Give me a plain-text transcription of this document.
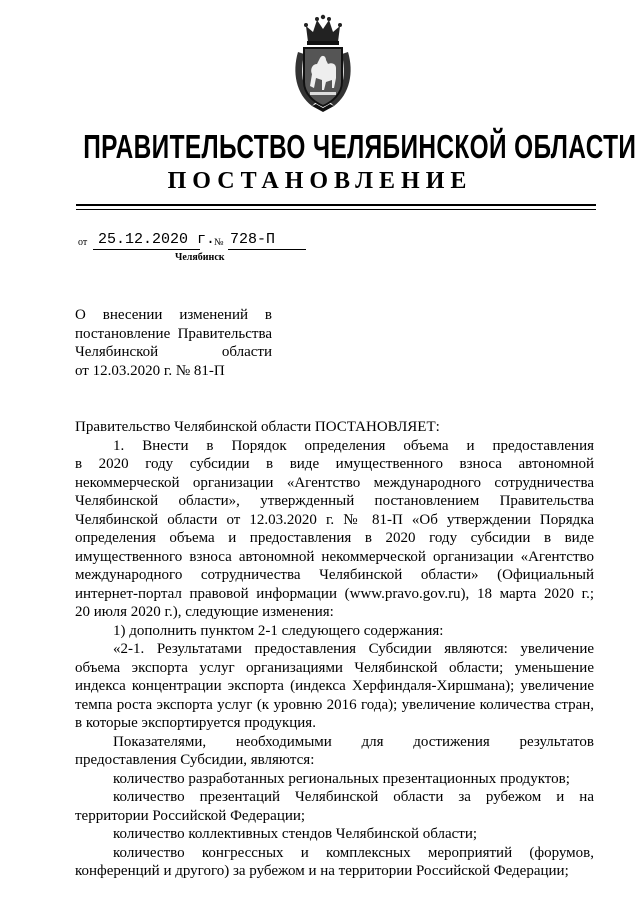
ПРАВИТЕЛЬСТВО ЧЕЛЯБИНСКОЙ ОБЛАСТИ
ПОСТАНОВЛЕНИЕ
от 25.12.2020 г.
№ 728-П
Челябинск
О внесении изменений в
постановление Правительства
Челябинской области
от 12.03.2020 г. № 81-П
Правительство Челябинской области ПОСТАНОВЛЯЕТ:
1. Внести в Порядок определения объема и предоставления
в 2020 году субсидии в виде имущественного взноса автономной
некоммерческой организации «Агентство международного сотрудничества
Челябинской области», утвержденный постановлением Правительства
Челябинской области от 12.03.2020 г. № 81-П «Об утверждении Порядка
определения объема и предоставления в 2020 году субсидии в виде
имущественного взноса автономной некоммерческой организации «Агентство
международного сотрудничества Челябинской области» (Официальный
интернет-портал правовой информации (www.pravo.gov.ru), 18 марта 2020 г.;
20 июля 2020 г.), следующие изменения:
1) дополнить пунктом 2-1 следующего содержания:
«2-1. Результатами предоставления Субсидии являются: увеличение
объема экспорта услуг организациями Челябинской области; уменьшение
индекса концентрации экспорта (индекса Херфиндаля-Хиршмана); увеличение
темпа роста экспорта услуг (к уровню 2016 года); увеличение количества стран,
в которые экспортируется продукция.
Показателями, необходимыми для достижения результатов
предоставления Субсидии, являются:
количество разработанных региональных презентационных продуктов;
количество презентаций Челябинской области за рубежом и на
территории Российской Федерации;
количество коллективных стендов Челябинской области;
количество конгрессных и комплексных мероприятий (форумов,
конференций и другого) за рубежом и на территории Российской Федерации;
